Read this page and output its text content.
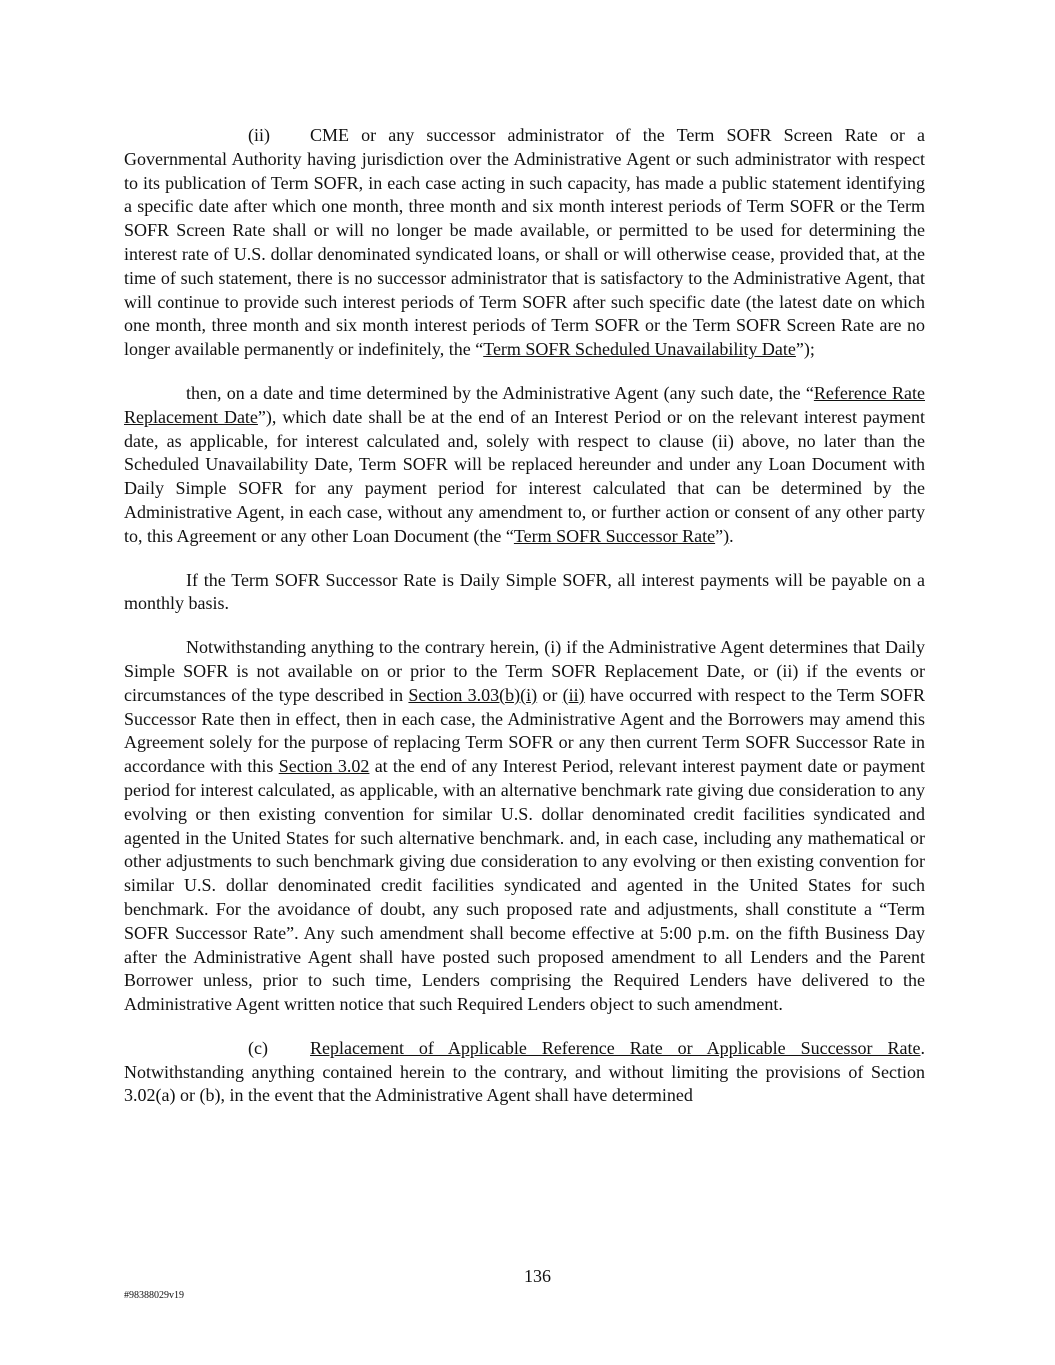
(ii) CME or any successor administrator of the Term SOFR Screen Rate or a Governmental Authority having jurisdiction over the Administrative Agent or such administrator with respect to its publication of Term SOFR, in each case acting in such capacity, has made a public statement identifying a specific date after which one month, three month and six month interest periods of Term SOFR or the Term SOFR Screen Rate shall or will no longer be made available, or permitted to be used for determining the interest rate of U.S. dollar denominated syndicated loans, or shall or will otherwise cease, provided that, at the time of such statement, there is no successor administrator that is satisfactory to the Administrative Agent, that will continue to provide such interest periods of Term SOFR after such specific date (the latest date on which one month, three month and six month interest periods of Term SOFR or the Term SOFR Screen Rate are no longer available permanently or indefinitely, the “Term SOFR Scheduled Unavailability Date”);

then, on a date and time determined by the Administrative Agent (any such date, the “Reference Rate Replacement Date”), which date shall be at the end of an Interest Period or on the relevant interest payment date, as applicable, for interest calculated and, solely with respect to clause (ii) above, no later than the Scheduled Unavailability Date, Term SOFR will be replaced hereunder and under any Loan Document with Daily Simple SOFR for any payment period for interest calculated that can be determined by the Administrative Agent, in each case, without any amendment to, or further action or consent of any other party to, this Agreement or any other Loan Document (the “Term SOFR Successor Rate”).

If the Term SOFR Successor Rate is Daily Simple SOFR, all interest payments will be payable on a monthly basis.

Notwithstanding anything to the contrary herein, (i) if the Administrative Agent determines that Daily Simple SOFR is not available on or prior to the Term SOFR Replacement Date, or (ii) if the events or circumstances of the type described in Section 3.03(b)(i) or (ii) have occurred with respect to the Term SOFR Successor Rate then in effect, then in each case, the Administrative Agent and the Borrowers may amend this Agreement solely for the purpose of replacing Term SOFR or any then current Term SOFR Successor Rate in accordance with this Section 3.02 at the end of any Interest Period, relevant interest payment date or payment period for interest calculated, as applicable, with an alternative benchmark rate giving due consideration to any evolving or then existing convention for similar U.S. dollar denominated credit facilities syndicated and agented in the United States for such alternative benchmark. and, in each case, including any mathematical or other adjustments to such benchmark giving due consideration to any evolving or then existing convention for similar U.S. dollar denominated credit facilities syndicated and agented in the United States for such benchmark. For the avoidance of doubt, any such proposed rate and adjustments, shall constitute a “Term SOFR Successor Rate”. Any such amendment shall become effective at 5:00 p.m. on the fifth Business Day after the Administrative Agent shall have posted such proposed amendment to all Lenders and the Parent Borrower unless, prior to such time, Lenders comprising the Required Lenders have delivered to the Administrative Agent written notice that such Required Lenders object to such amendment.

(c) Replacement of Applicable Reference Rate or Applicable Successor Rate. Notwithstanding anything contained herein to the contrary, and without limiting the provisions of Section 3.02(a) or (b), in the event that the Administrative Agent shall have determined

136
#98388029v19
